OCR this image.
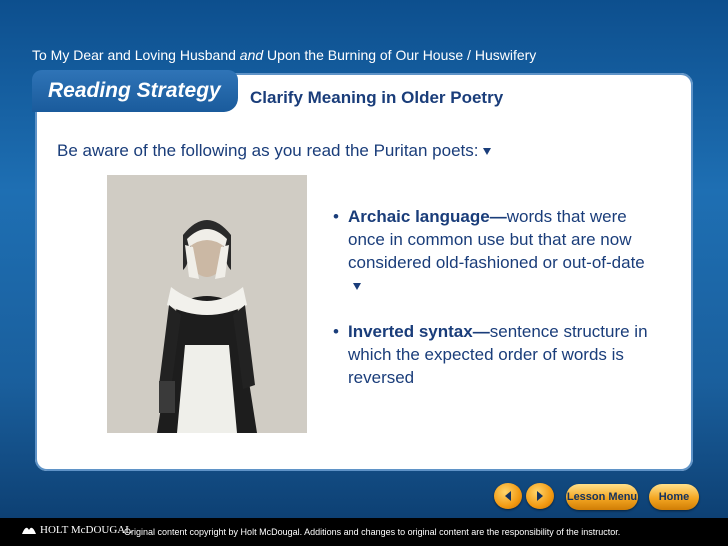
To My Dear and Loving Husband and Upon the Burning of Our House / Huswifery
Reading Strategy Clarify Meaning in Older Poetry
Be aware of the following as you read the Puritan poets:
• Archaic language—words that were once in common use but that are now considered old-fashioned or out-of-date
• Inverted syntax—sentence structure in which the expected order of words is reversed
Lesson Menu	Home
HOLT McDOUGAL
Original content copyright by Holt McDougal. Additions and changes to original content are the responsibility of the instructor.
